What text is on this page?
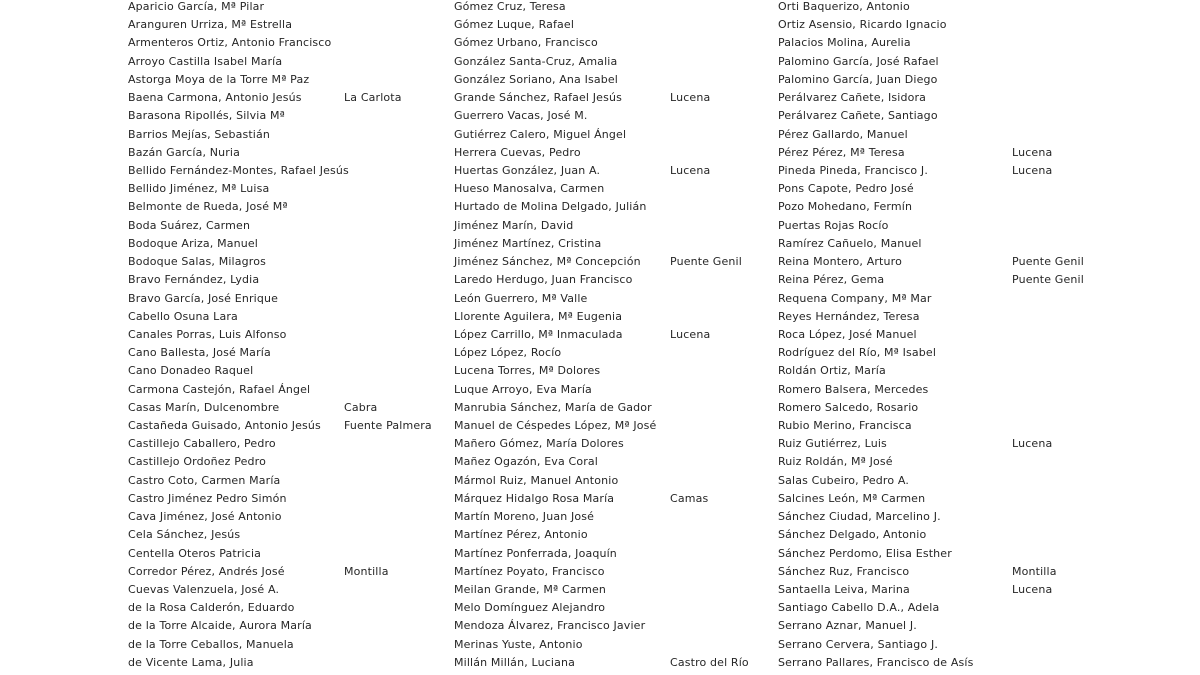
Aparicio García, Mª Pilar
Aranguren Urriza, Mª Estrella
Armenteros Ortiz, Antonio Francisco
Arroyo Castilla Isabel María
Astorga Moya de la Torre Mª Paz
Baena Carmona, Antonio Jesús	La Carlota
Barasona Ripollés, Silvia Mª
Barrios Mejías, Sebastián
Bazán García, Nuria
Bellido Fernández-Montes, Rafael Jesús
Bellido Jiménez, Mª Luisa
Belmonte de Rueda, José Mª
Boda Suárez, Carmen
Bodoque Ariza, Manuel
Bodoque Salas, Milagros
Bravo Fernández, Lydia
Bravo García, José Enrique
Cabello Osuna Lara
Canales Porras, Luis Alfonso
Cano Ballesta, José María
Cano Donadeo Raquel
Carmona Castejón, Rafael Ángel
Casas Marín, Dulcenombre	Cabra
Castañeda Guisado, Antonio Jesús Fuente Palmera
Castillejo Caballero, Pedro
Castillejo Ordoñez Pedro
Castro Coto, Carmen María
Castro Jiménez Pedro Simón
Cava Jiménez, José Antonio
Cela Sánchez, Jesús
Centella Oteros Patricia
Corredor Pérez, Andrés José	Montilla
Cuevas Valenzuela, José A.
de la Rosa Calderón, Eduardo
de la Torre Alcaide, Aurora María
de la Torre Ceballos, Manuela
de Vicente Lama, Julia
Gómez Cruz, Teresa
Gómez Luque, Rafael
Gómez Urbano, Francisco
González Santa-Cruz, Amalia
González Soriano, Ana Isabel
Grande Sánchez, Rafael Jesús	Lucena
Guerrero Vacas, José M.
Gutiérrez Calero, Miguel Ángel
Herrera Cuevas, Pedro
Huertas González, Juan A.	Lucena
Hueso Manosalva, Carmen
Hurtado de Molina Delgado, Julián
Jiménez Marín, David
Jiménez Martínez, Cristina
Jiménez Sánchez, Mª Concepción	Puente Genil
Laredo Herdugo, Juan Francisco
León Guerrero, Mª Valle
Llorente Aguilera, Mª Eugenia
López Carrillo, Mª Inmaculada	Lucena
López López, Rocío
Lucena Torres, Mª Dolores
Luque Arroyo, Eva María
Manrubia Sánchez, María de Gador
Manuel de Céspedes López, Mª José
Mañero Gómez, María Dolores
Mañez Ogazón, Eva Coral
Mármol Ruiz, Manuel Antonio
Márquez Hidalgo Rosa María	Camas
Martín Moreno, Juan José
Martínez Pérez, Antonio
Martínez Ponferrada, Joaquín
Martínez Poyato, Francisco
Meilan Grande, Mª Carmen
Melo Domínguez Alejandro
Mendoza Álvarez, Francisco Javier
Merinas Yuste, Antonio
Millán Millán, Luciana	Castro del Río
Orti Baquerizo, Antonio
Ortiz Asensio, Ricardo Ignacio
Palacios Molina, Aurelia
Palomino García, José Rafael
Palomino García, Juan Diego
Perálvarez Cañete, Isidora
Perálvarez Cañete, Santiago
Pérez Gallardo, Manuel
Pérez Pérez, Mª Teresa	Lucena
Pineda Pineda, Francisco J.	Lucena
Pons Capote, Pedro José
Pozo Mohedano, Fermín
Puertas Rojas Rocío
Ramírez Cañuelo, Manuel
Reina Montero, Arturo	Puente Genil
Reina Pérez, Gema	Puente Genil
Requena Company, Mª Mar
Reyes Hernández, Teresa
Roca López, José Manuel
Rodríguez del Río, Mª Isabel
Roldán Ortiz, María
Romero Balsera, Mercedes
Romero Salcedo, Rosario
Rubio Merino, Francisca
Ruiz Gutiérrez, Luis	Lucena
Ruiz Roldán, Mª José
Salas Cubeiro, Pedro A.
Salcines León, Mª Carmen
Sánchez Ciudad, Marcelino J.
Sánchez Delgado, Antonio
Sánchez Perdomo, Elisa Esther
Sánchez Ruz, Francisco	Montilla
Santaella Leiva, Marina	Lucena
Santiago Cabello D.A., Adela
Serrano Aznar, Manuel J.
Serrano Cervera, Santiago J.
Serrano Pallares, Francisco de Asís
